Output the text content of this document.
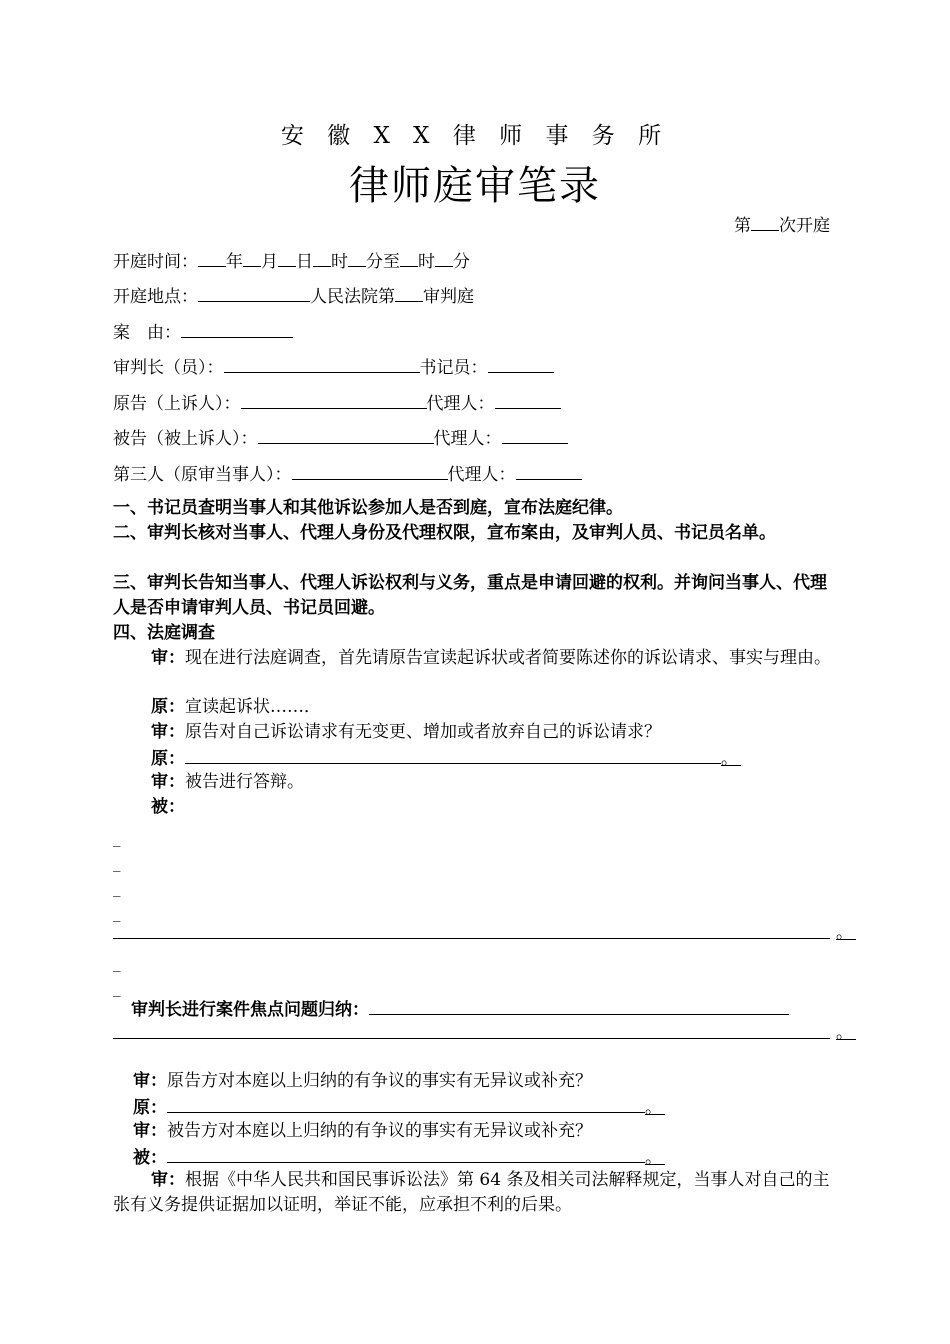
安 徽 X X 律 师 事 务 所
律师庭审笔录
第 次开庭
开庭时间： 年 月 日 时 分至 时 分
开庭地点：	人民法院第 审判庭
案　由：
审判长（员）：	书记员：
原告（上诉人）：	代理人：
被告（被上诉人）：	代理人：
第三人（原审当事人）：	代理人：
一、书记员查明当事人和其他诉讼参加人是否到庭，宣布法庭纪律。
二、审判长核对当事人、代理人身份及代理权限，宣布案由，及审判人员、书记员名单。
三、审判长告知当事人、代理人诉讼权利与义务，重点是申请回避的权利。并询问当事人、代理人是否申请审判人员、书记员回避。
四、法庭调查
审：现在进行法庭调查，首先请原告宣读起诉状或者简要陈述你的诉讼请求、事实与理由。
原：宣读起诉状……．
审：原告对自己诉讼请求有无变更、增加或者放弃自己的诉讼请求？
原：	。
审：被告进行答辩。
被：
_
_
_
_
。
_
_
审判长进行案件焦点问题归纳：
。
审：原告方对本庭以上归纳的有争议的事实有无异议或补充？
原：	。
审：被告方对本庭以上归纳的有争议的事实有无异议或补充？
被：	。
审：根据《中华人民共和国民事诉讼法》第 64 条及相关司法解释规定，当事人对自己的主张有义务提供证据加以证明，举证不能，应承担不利的后果。
